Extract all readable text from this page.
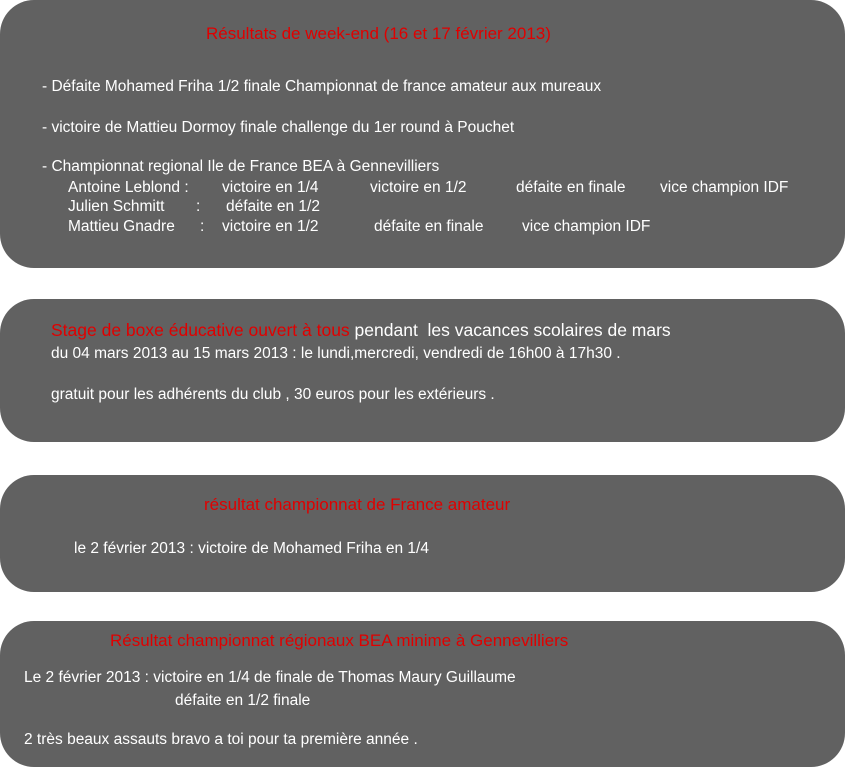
Résultats de week-end (16 et 17 février 2013)
- Défaite Mohamed Friha 1/2 finale Championnat de france amateur aux mureaux
- victoire de Mattieu Dormoy finale challenge du 1er round à Pouchet
- Championnat regional Ile de France BEA à Gennevilliers
Antoine Leblond : victoire en 1/4	victoire en 1/2	défaite en finale vice champion IDF
Julien Schmitt : défaite en 1/2
Mattieu Gnadre : victoire en 1/2	défaite en finale vice champion IDF
Stage de boxe éducative ouvert à tous pendant  les vacances scolaires de mars
du 04 mars 2013 au 15 mars 2013 : le lundi,mercredi, vendredi de 16h00 à 17h30 .
gratuit pour les adhérents du club , 30 euros pour les extérieurs .
résultat championnat de France amateur
le 2 février 2013 : victoire de Mohamed Friha en 1/4
Résultat championnat régionaux BEA minime à Gennevilliers
Le 2 février 2013 : victoire en 1/4 de finale de Thomas Maury Guillaume
défaite en 1/2 finale
2 très beaux assauts bravo a toi pour ta première année .
